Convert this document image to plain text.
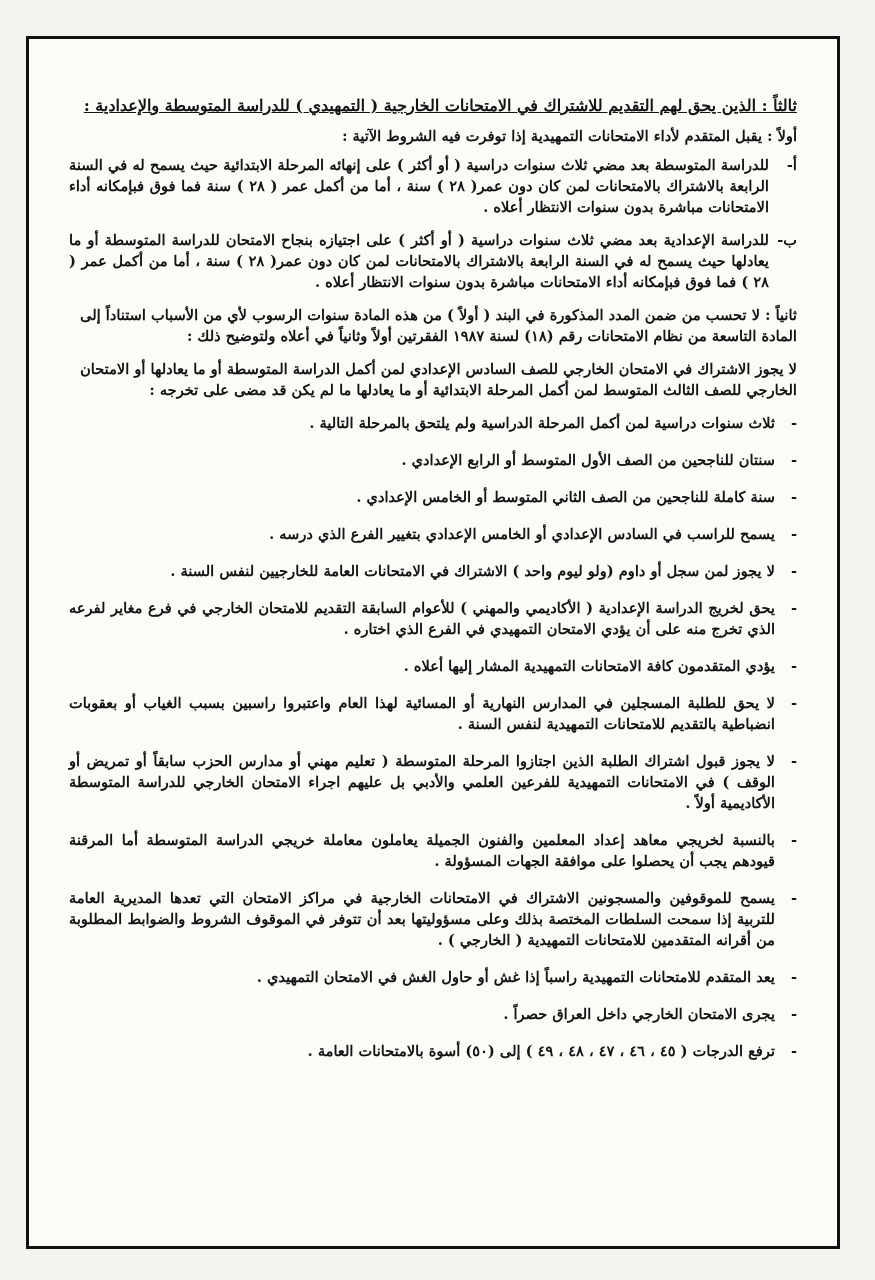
ثالثاً : الذين يحق لهم التقديم للاشتراك في الامتحانات الخارجية ( التمهيدي ) للدراسة المتوسطة والإعدادية :

أولاً : يقبل المتقدم لأداء الامتحانات التمهيدية إذا توفرت فيه الشروط الآتية :

أ-
للدراسة المتوسطة بعد مضي ثلاث سنوات دراسية ( أو أكثر ) على إنهائه المرحلة الابتدائية حيث يسمح له في السنة الرابعة بالاشتراك بالامتحانات لمن كان دون عمر( ٢٨ ) سنة ، أما من أكمل عمر ( ٢٨ ) سنة فما فوق فبإمكانه أداء الامتحانات مباشرة بدون سنوات الانتظار أعلاه .
ب-
للدراسة الإعدادية بعد مضي ثلاث سنوات دراسية ( أو أكثر ) على اجتيازه بنجاح الامتحان للدراسة المتوسطة أو ما يعادلها حيث يسمح له في السنة الرابعة بالاشتراك بالامتحانات لمن كان دون عمر( ٢٨ ) سنة ، أما من أكمل عمر ( ٢٨ ) فما فوق فبإمكانه أداء الامتحانات مباشرة بدون سنوات الانتظار أعلاه .

ثانياً : لا تحسب من ضمن المدد المذكورة في البند ( أولاً ) من هذه المادة سنوات الرسوب لأي من الأسباب استناداً إلى المادة التاسعة من نظام الامتحانات رقم (١٨) لسنة ١٩٨٧ الفقرتين أولاً وثانياً في أعلاه ولتوضيح ذلك :

لا يجوز الاشتراك في الامتحان الخارجي للصف السادس الإعدادي لمن أكمل الدراسة المتوسطة أو ما يعادلها أو الامتحان الخارجي للصف الثالث المتوسط لمن أكمل المرحلة الابتدائية أو ما يعادلها ما لم يكن قد مضى على تخرجه :

-
ثلاث سنوات دراسية لمن أكمل المرحلة الدراسية ولم يلتحق بالمرحلة التالية .
-
سنتان للناجحين من الصف الأول المتوسط أو الرابع الإعدادي .
-
سنة كاملة للناجحين من الصف الثاني المتوسط أو الخامس الإعدادي .
-
يسمح للراسب في السادس الإعدادي أو الخامس الإعدادي بتغيير الفرع الذي درسه .
-
لا يجوز لمن سجل أو داوم (ولو ليوم واحد ) الاشتراك في الامتحانات العامة للخارجيين لنفس السنة .
-
يحق لخريج الدراسة الإعدادية ( الأكاديمي والمهني ) للأعوام السابقة التقديم للامتحان الخارجي في فرع مغاير لفرعه الذي تخرج منه على أن يؤدي الامتحان التمهيدي في الفرع الذي اختاره .
-
يؤدي المتقدمون كافة الامتحانات التمهيدية المشار إليها أعلاه .
-
لا يحق للطلبة المسجلين في المدارس النهارية أو المسائية لهذا العام واعتبروا راسبين بسبب الغياب أو بعقوبات انضباطية بالتقديم للامتحانات التمهيدية لنفس السنة .
-
لا يجوز قبول اشتراك الطلبة الذين اجتازوا المرحلة المتوسطة ( تعليم مهني أو مدارس الحزب سابقاً أو تمريض أو الوقف ) في الامتحانات التمهيدية للفرعين العلمي والأدبي بل عليهم اجراء الامتحان الخارجي للدراسة المتوسطة الأكاديمية أولاً .
-
بالنسبة لخريجي معاهد إعداد المعلمين والفنون الجميلة يعاملون معاملة خريجي الدراسة المتوسطة أما المرقنة قيودهم يجب أن يحصلوا على موافقة الجهات المسؤولة .
-
يسمح للموقوفين والمسجونين الاشتراك في الامتحانات الخارجية في مراكز الامتحان التي تعدها المديرية العامة للتربية إذا سمحت السلطات المختصة بذلك وعلى مسؤوليتها بعد أن تتوفر في الموقوف الشروط والضوابط المطلوبة من أقرانه المتقدمين للامتحانات التمهيدية ( الخارجي ) .
-
يعد المتقدم للامتحانات التمهيدية راسباً إذا غش أو حاول الغش في الامتحان التمهيدي .
-
يجرى الامتحان الخارجي داخل العراق حصراً .
-
ترفع الدرجات ( ٤٥ ، ٤٦ ، ٤٧ ، ٤٨ ، ٤٩ ) إلى (٥٠) أسوة بالامتحانات العامة .
